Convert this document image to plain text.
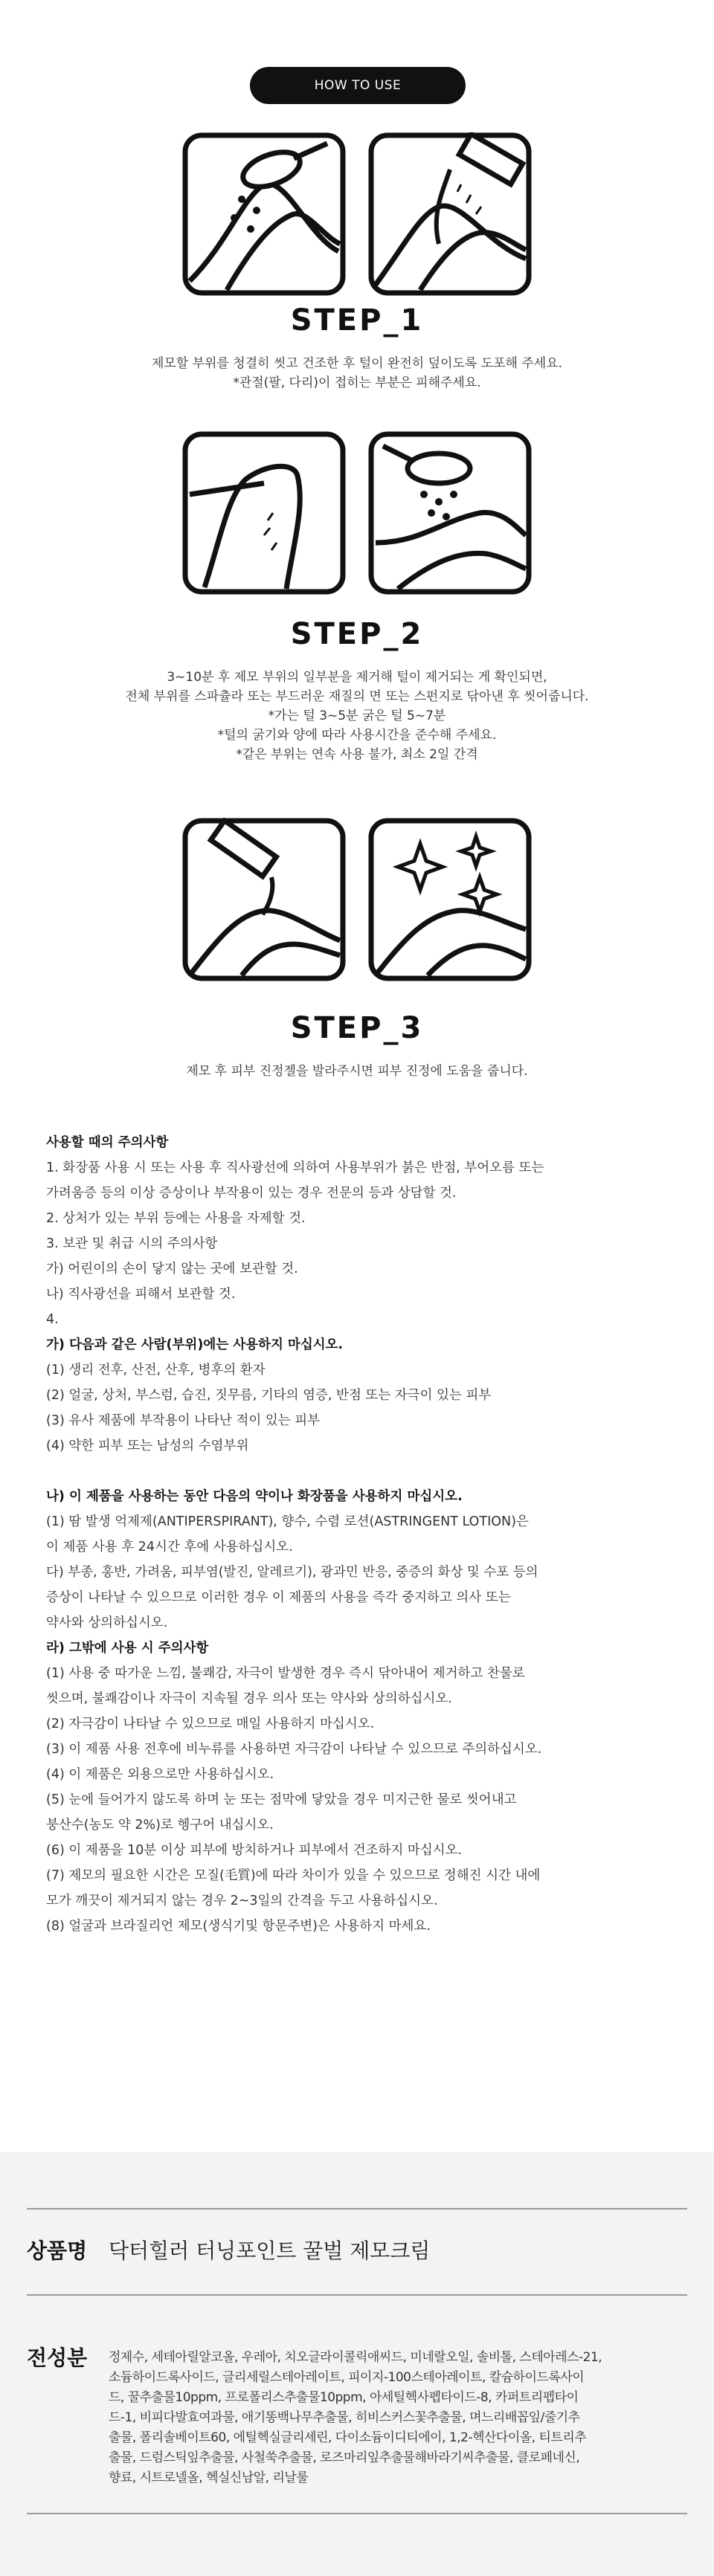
HOW TO USE
STEP_1
제모할 부위를 청결히 씻고 건조한 후 털이 완전히 덮이도록 도포해 주세요.
*관절(팔, 다리)이 접히는 부분은 피해주세요.
STEP_2
3~10분 후 제모 부위의 일부분을 제거해 털이 제거되는 게 확인되면,
전체 부위를 스파츌라 또는 부드러운 재질의 면 또는 스펀지로 닦아낸 후 씻어줍니다.
*가는 털 3~5분 굵은 털 5~7분
*털의 굵기와 양에 따라 사용시간을 준수해 주세요.
*같은 부위는 연속 사용 불가, 최소 2일 간격
STEP_3
제모 후 피부 진정젤을 발라주시면 피부 진정에 도움을 줍니다.
사용할 때의 주의사항
1. 화장품 사용 시 또는 사용 후 직사광선에 의하여 사용부위가 붉은 반점, 부어오름 또는
가려움증 등의 이상 증상이나 부작용이 있는 경우 전문의 등과 상담할 것.
2. 상처가 있는 부위 등에는 사용을 자제할 것.
3. 보관 및 취급 시의 주의사항
가) 어린이의 손이 닿지 않는 곳에 보관할 것.
나) 직사광선을 피해서 보관할 것.
4.
가) 다음과 같은 사람(부위)에는 사용하지 마십시오.
(1) 생리 전후, 산전, 산후, 병후의 환자
(2) 얼굴, 상처, 부스럼, 습진, 짓무름, 기타의 염증, 반점 또는 자극이 있는 피부
(3) 유사 제품에 부작용이 나타난 적이 있는 피부
(4) 약한 피부 또는 남성의 수염부위
나) 이 제품을 사용하는 동안 다음의 약이나 화장품을 사용하지 마십시오.
(1) 땀 발생 억제제(ANTIPERSPIRANT), 향수, 수렴 로션(ASTRINGENT LOTION)은
이 제품 사용 후 24시간 후에 사용하십시오.
다) 부종, 홍반, 가려움, 피부염(발진, 알레르기), 광과민 반응, 중증의 화상 및 수포 등의
증상이 나타날 수 있으므로 이러한 경우 이 제품의 사용을 즉각 중지하고 의사 또는
약사와 상의하십시오.
라) 그밖에 사용 시 주의사항
(1) 사용 중 따가운 느낌, 불쾌감, 자극이 발생한 경우 즉시 닦아내어 제거하고 찬물로
씻으며, 불쾌감이나 자극이 지속될 경우 의사 또는 약사와 상의하십시오.
(2) 자극감이 나타날 수 있으므로 매일 사용하지 마십시오.
(3) 이 제품 사용 전후에 비누류를 사용하면 자극감이 나타날 수 있으므로 주의하십시오.
(4) 이 제품은 외용으로만 사용하십시오.
(5) 눈에 들어가지 않도록 하며 눈 또는 점막에 닿았을 경우 미지근한 물로 씻어내고
붕산수(농도 약 2%)로 헹구어 내십시오.
(6) 이 제품을 10분 이상 피부에 방치하거나 피부에서 건조하지 마십시오.
(7) 제모의 필요한 시간은 모질(毛質)에 따라 차이가 있을 수 있으므로 정해진 시간 내에
모가 깨끗이 제거되지 않는 경우 2~3일의 간격을 두고 사용하십시오.
(8) 얼굴과 브라질리언 제모(생식기및 항문주변)은 사용하지 마세요.
상품명 닥터힐러 터닝포인트 꿀벌 제모크림
전성분 정제수, 세테아릴알코올, 우레아, 치오글라이콜릭애씨드, 미네랄오일, 솔비톨, 스테아레스-21,
소듐하이드록사이드, 글리세릴스테아레이트, 피이지-100스테아레이트, 칼슘하이드록사이
드, 꿀추출물10ppm, 프로폴리스추출물10ppm, 아세틸헥사펩타이드-8, 카퍼트리펩타이
드-1, 비피다발효여과물, 애기똥백나무추출물, 히비스커스꽃추출물, 며느리배꼽잎/줄기추
출물, 폴리솔베이트60, 에틸헥실글리세린, 다이소듐이디티에이, 1,2-헥산다이올, 티트리추
출물, 드럼스틱잎추출물, 사철쑥추출물, 로즈마리잎추출물해바라기씨추출물, 클로페네신,
향료, 시트로넬올, 헥실신남알, 리날룰
